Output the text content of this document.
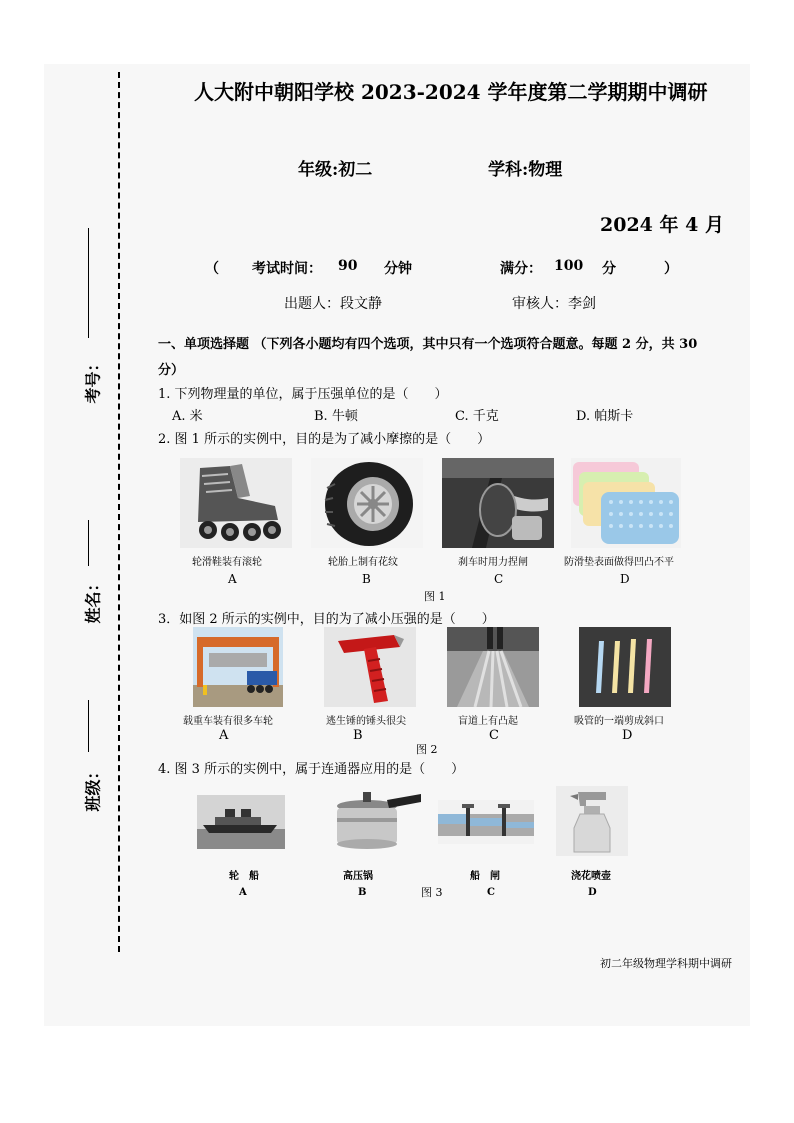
考号：
姓名：
班级：
人大附中朝阳学校 2023-2024 学年度第二学期期中调研
年级:初二	学科:物理
2024 年 4 月
（ 考试时间： 90 分钟	满分： 100 分	）
出题人：段文静	审核人：李剑
一、单项选择题 （下列各小题均有四个选项，其中只有一个选项符合题意。每题 2 分，共 30
分）
1. 下列物理量的单位，属于压强单位的是（　　）
A. 米	B. 牛顿	C. 千克	D. 帕斯卡
2. 图 1 所示的实例中，目的是为了减小摩擦的是（　　）
轮滑鞋装有滚轮	轮胎上制有花纹	刹车时用力捏闸	防滑垫表面做得凹凸不平
A	B	C	D
图 1
3．如图 2 所示的实例中，目的为了减小压强的是（　　）
载重车装有很多车轮	逃生锤的锤头很尖	盲道上有凸起	吸管的一端剪成斜口
A	B	C	D
图 2
4. 图 3 所示的实例中，属于连通器应用的是（　　）
轮　船	高压锅	船　闸	浇花喷壶
A	B	C	D
图 3
初二年级物理学科期中调研
